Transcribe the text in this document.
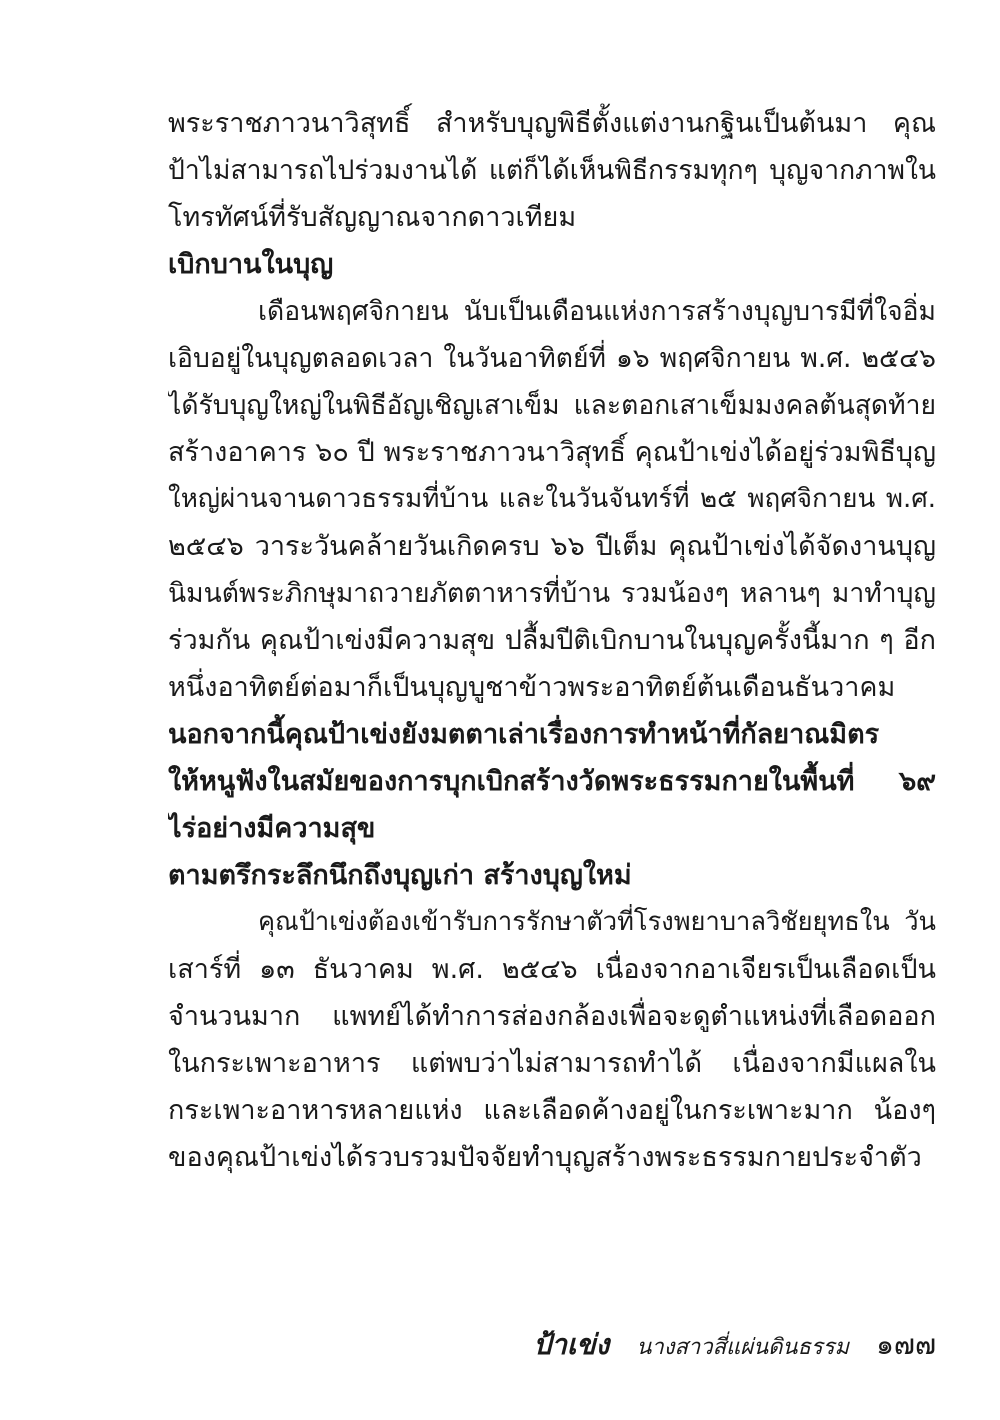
พระราชภาวนาวิสุทธิ์ สำหรับบุญพิธีตั้งแต่งานกฐินเป็นต้นมา คุณ
ป้าไม่สามารถไปร่วมงานได้ แต่ก็ได้เห็นพิธีกรรมทุกๆ บุญจากภาพใน
โทรทัศน์ที่รับสัญญาณจากดาวเทียม
เบิกบานในบุญ
เดือนพฤศจิกายน นับเป็นเดือนแห่งการสร้างบุญบารมีที่ใจอิ่ม
เอิบอยู่ในบุญตลอดเวลา ในวันอาทิตย์ที่ ๑๖ พฤศจิกายน พ.ศ. ๒๕๔๖
ได้รับบุญใหญ่ในพิธีอัญเชิญเสาเข็ม และตอกเสาเข็มมงคลต้นสุดท้าย
สร้างอาคาร ๖๐ ปี พระราชภาวนาวิสุทธิ์ คุณป้าเข่งได้อยู่ร่วมพิธีบุญ
ใหญ่ผ่านจานดาวธรรมที่บ้าน และในวันจันทร์ที่ ๒๕ พฤศจิกายน พ.ศ.
๒๕๔๖ วาระวันคล้ายวันเกิดครบ ๖๖ ปีเต็ม คุณป้าเข่งได้จัดงานบุญ
นิมนต์พระภิกษุมาถวายภัตตาหารที่บ้าน รวมน้องๆ หลานๆ มาทำบุญ
ร่วมกัน คุณป้าเข่งมีความสุข ปลื้มปีติเบิกบานในบุญครั้งนี้มาก ๆ อีก
หนึ่งอาทิตย์ต่อมาก็เป็นบุญบูชาข้าวพระอาทิตย์ต้นเดือนธันวาคม
นอกจากนี้คุณป้าเข่งยังมตตาเล่าเรื่องการทำหน้าที่กัลยาณมิตร
ให้หนูฟังในสมัยของการบุกเบิกสร้างวัดพระธรรมกายในพื้นที่ ๖๙
ไร่อย่างมีความสุข
ตามตรึกระลึกนึกถึงบุญเก่า สร้างบุญใหม่
คุณป้าเข่งต้องเข้ารับการรักษาตัวที่โรงพยาบาลวิชัยยุทธใน วัน
เสาร์ที่ ๑๓ ธันวาคม พ.ศ. ๒๕๔๖ เนื่องจากอาเจียรเป็นเลือดเป็น
จำนวนมาก แพทย์ได้ทำการส่องกล้องเพื่อจะดูตำแหน่งที่เลือดออก
ในกระเพาะอาหาร แต่พบว่าไม่สามารถทำได้ เนื่องจากมีแผลใน
กระเพาะอาหารหลายแห่ง และเลือดค้างอยู่ในกระเพาะมาก น้องๆ
ของคุณป้าเข่งได้รวบรวมปัจจัยทำบุญสร้างพระธรรมกายประจำตัว
ป้าเข่ง นางสาวสี่แผ่นดินธรรม ๑๗๗
